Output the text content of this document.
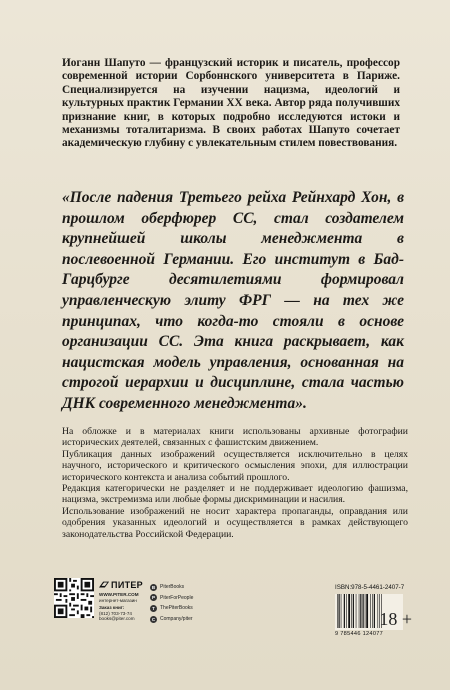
Иоганн Шапуто — французский историк и писатель, профессор современной истории Сорбоннского университета в Париже. Специализируется на изучении нацизма, идеологий и культурных практик Германии XX века. Автор ряда получивших признание книг, в которых подробно исследуются истоки и механизмы тоталитаризма. В своих работах Шапуто сочетает академическую глубину с увлекательным стилем повествования.
«После падения Третьего рейха Рейнхард Хон, в прошлом оберфюрер СС, стал создателем крупнейшей школы менеджмента в послевоенной Германии. Его институт в Бад-Гарцбурге десятилетиями формировал управленческую элиту ФРГ — на тех же принципах, что когда-то стояли в основе организации СС. Эта книга раскрывает, как нацистская модель управления, основанная на строгой иерархии и дисциплине, стала частью ДНК современного менеджмента».
На обложке и в материалах книги использованы архивные фотографии исторических деятелей, связанных с фашистским движением.
Публикация данных изображений осуществляется исключительно в целях научного, исторического и критического осмысления эпохи, для иллюстрации исторического контекста и анализа событий прошлого.
Редакция категорически не разделяет и не поддерживает идеологию фашизма, нацизма, экстремизма или любые формы дискриминации и насилия.
Использование изображений не носит характера пропаганды, оправдания или одобрения указанных идеологий и осуществляется в рамках действующего законодательства Российской Федерации.
ПИТЕР
WWW.PITER.COM
интернет-магазин
Заказ книг:
(812) 703-73-74
books@piter.com
В PiterBooks
P	PiterForPeople
T	ThePiterBooks
C Company/piter
ISBN:978-5-4461-2407-7
9 785446 124077
18 +
